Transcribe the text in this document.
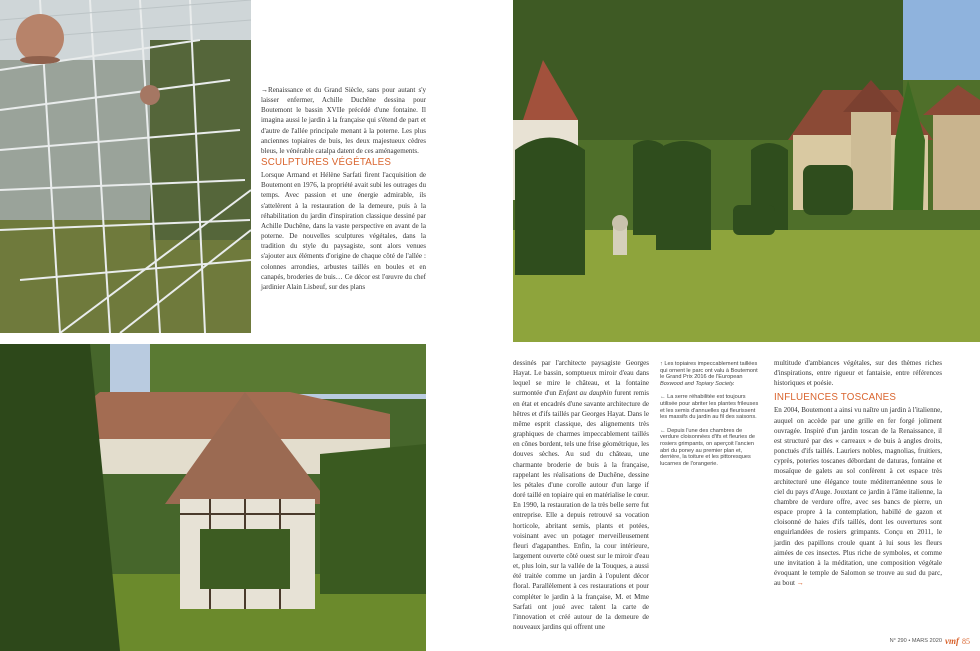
→Renaissance et du Grand Siècle, sans pour autant s'y laisser enfermer, Achille Duchêne dessina pour Boutemont le bassin XVIIe précédé d'une fontaine. Il imagina aussi le jardin à la française qui s'étend de part et d'autre de l'allée principale menant à la poterne. Les plus anciennes topiaires de buis, les deux majestueux cèdres bleus, le vénérable catalpa datent de ces aménagements.

SCULPTURES VÉGÉTALES

Lorsque Armand et Hélène Sarfati firent l'acquisition de Boutemont en 1976, la propriété avait subi les outrages du temps. Avec passion et une énergie admirable, ils s'attelèrent à la restauration de la demeure, puis à la réhabilitation du jardin d'inspiration classique dessiné par Achille Duchêne, dans la vaste perspective en avant de la poterne. De nouvelles sculptures végétales, dans la tradition du style du paysagiste, sont alors venues s'ajouter aux éléments d'origine de chaque côté de l'allée : colonnes arrondies, arbustes taillés en boules et en canapés, broderies de buis… Ce décor est l'œuvre du chef jardinier Alain Lisbeuf, sur des plans

dessinés par l'architecte paysagiste Georges Hayat. Le bassin, somptueux miroir d'eau dans lequel se mire le château, et la fontaine surmontée d'un Enfant au dauphin furent remis en état et encadrés d'une savante architecture de hêtres et d'ifs taillés par Georges Hayat. Dans le même esprit classique, des alignements très graphiques de charmes impeccablement taillés en cônes bordent, tels une frise géométrique, les douves sèches. Au sud du château, une charmante broderie de buis à la française, rappelant les réalisations de Duchêne, dessine les pétales d'une corolle autour d'un large if doré taillé en topiaire qui en matérialise le cœur. En 1990, la restauration de la très belle serre fut entreprise. Elle a depuis retrouvé sa vocation horticole, abritant semis, plants et potées, voisinant avec un potager merveilleusement fleuri d'agapanthes. Enfin, la cour intérieure, largement ouverte côté ouest sur le miroir d'eau et, plus loin, sur la vallée de la Touques, a aussi été traitée comme un jardin à l'opulent décor floral. Parallèlement à ces restaurations et pour compléter le jardin à la française, M. et Mme Sarfati ont joué avec talent la carte de l'innovation et créé autour de la demeure de nouveaux jardins qui offrent une

↑ Les topiaires impeccablement taillées qui ornent le parc ont valu à Boutemont le Grand Prix 2016 de l'European Boxwood and Topiary Society.

← La serre réhabilitée est toujours utilisée pour abriter les plantes frileuses et les semis d'annuelles qui fleurissent les massifs du jardin au fil des saisons.

← Depuis l'une des chambres de verdure cloisonnées d'ifs et fleuries de rosiers grimpants, on aperçoit l'ancien abri du poney au premier plan et, derrière, la toiture et les pittoresques lucarnes de l'orangerie.

multitude d'ambiances végétales, sur des thèmes riches d'inspirations, entre rigueur et fantaisie, entre références historiques et poésie.

INFLUENCES TOSCANES

En 2004, Boutemont a ainsi vu naître un jardin à l'italienne, auquel on accède par une grille en fer forgé joliment ouvragée. Inspiré d'un jardin toscan de la Renaissance, il est structuré par des « carreaux » de buis à angles droits, ponctués d'ifs taillés. Lauriers nobles, magnolias, fruitiers, cyprès, poteries toscanes débordant de daturas, fontaine et mosaïque de galets au sol confèrent à cet espace très architecturé une élégance toute méditerranéenne sous le ciel du pays d'Auge. Jouxtant ce jardin à l'âme italienne, la chambre de verdure offre, avec ses bancs de pierre, un espace propre à la contemplation, habillé de gazon et cloisonné de haies d'ifs taillés, dont les ouvertures sont enguirlandées de rosiers grimpants. Conçu en 2011, le jardin des papillons croule quant à lui sous les fleurs aimées de ces insectes. Plus riche de symboles, et comme une invitation à la méditation, une composition végétale évoquant le temple de Salomon se trouve au sud du parc, au bout →

N° 290 • MARS 2020 vmf 85
